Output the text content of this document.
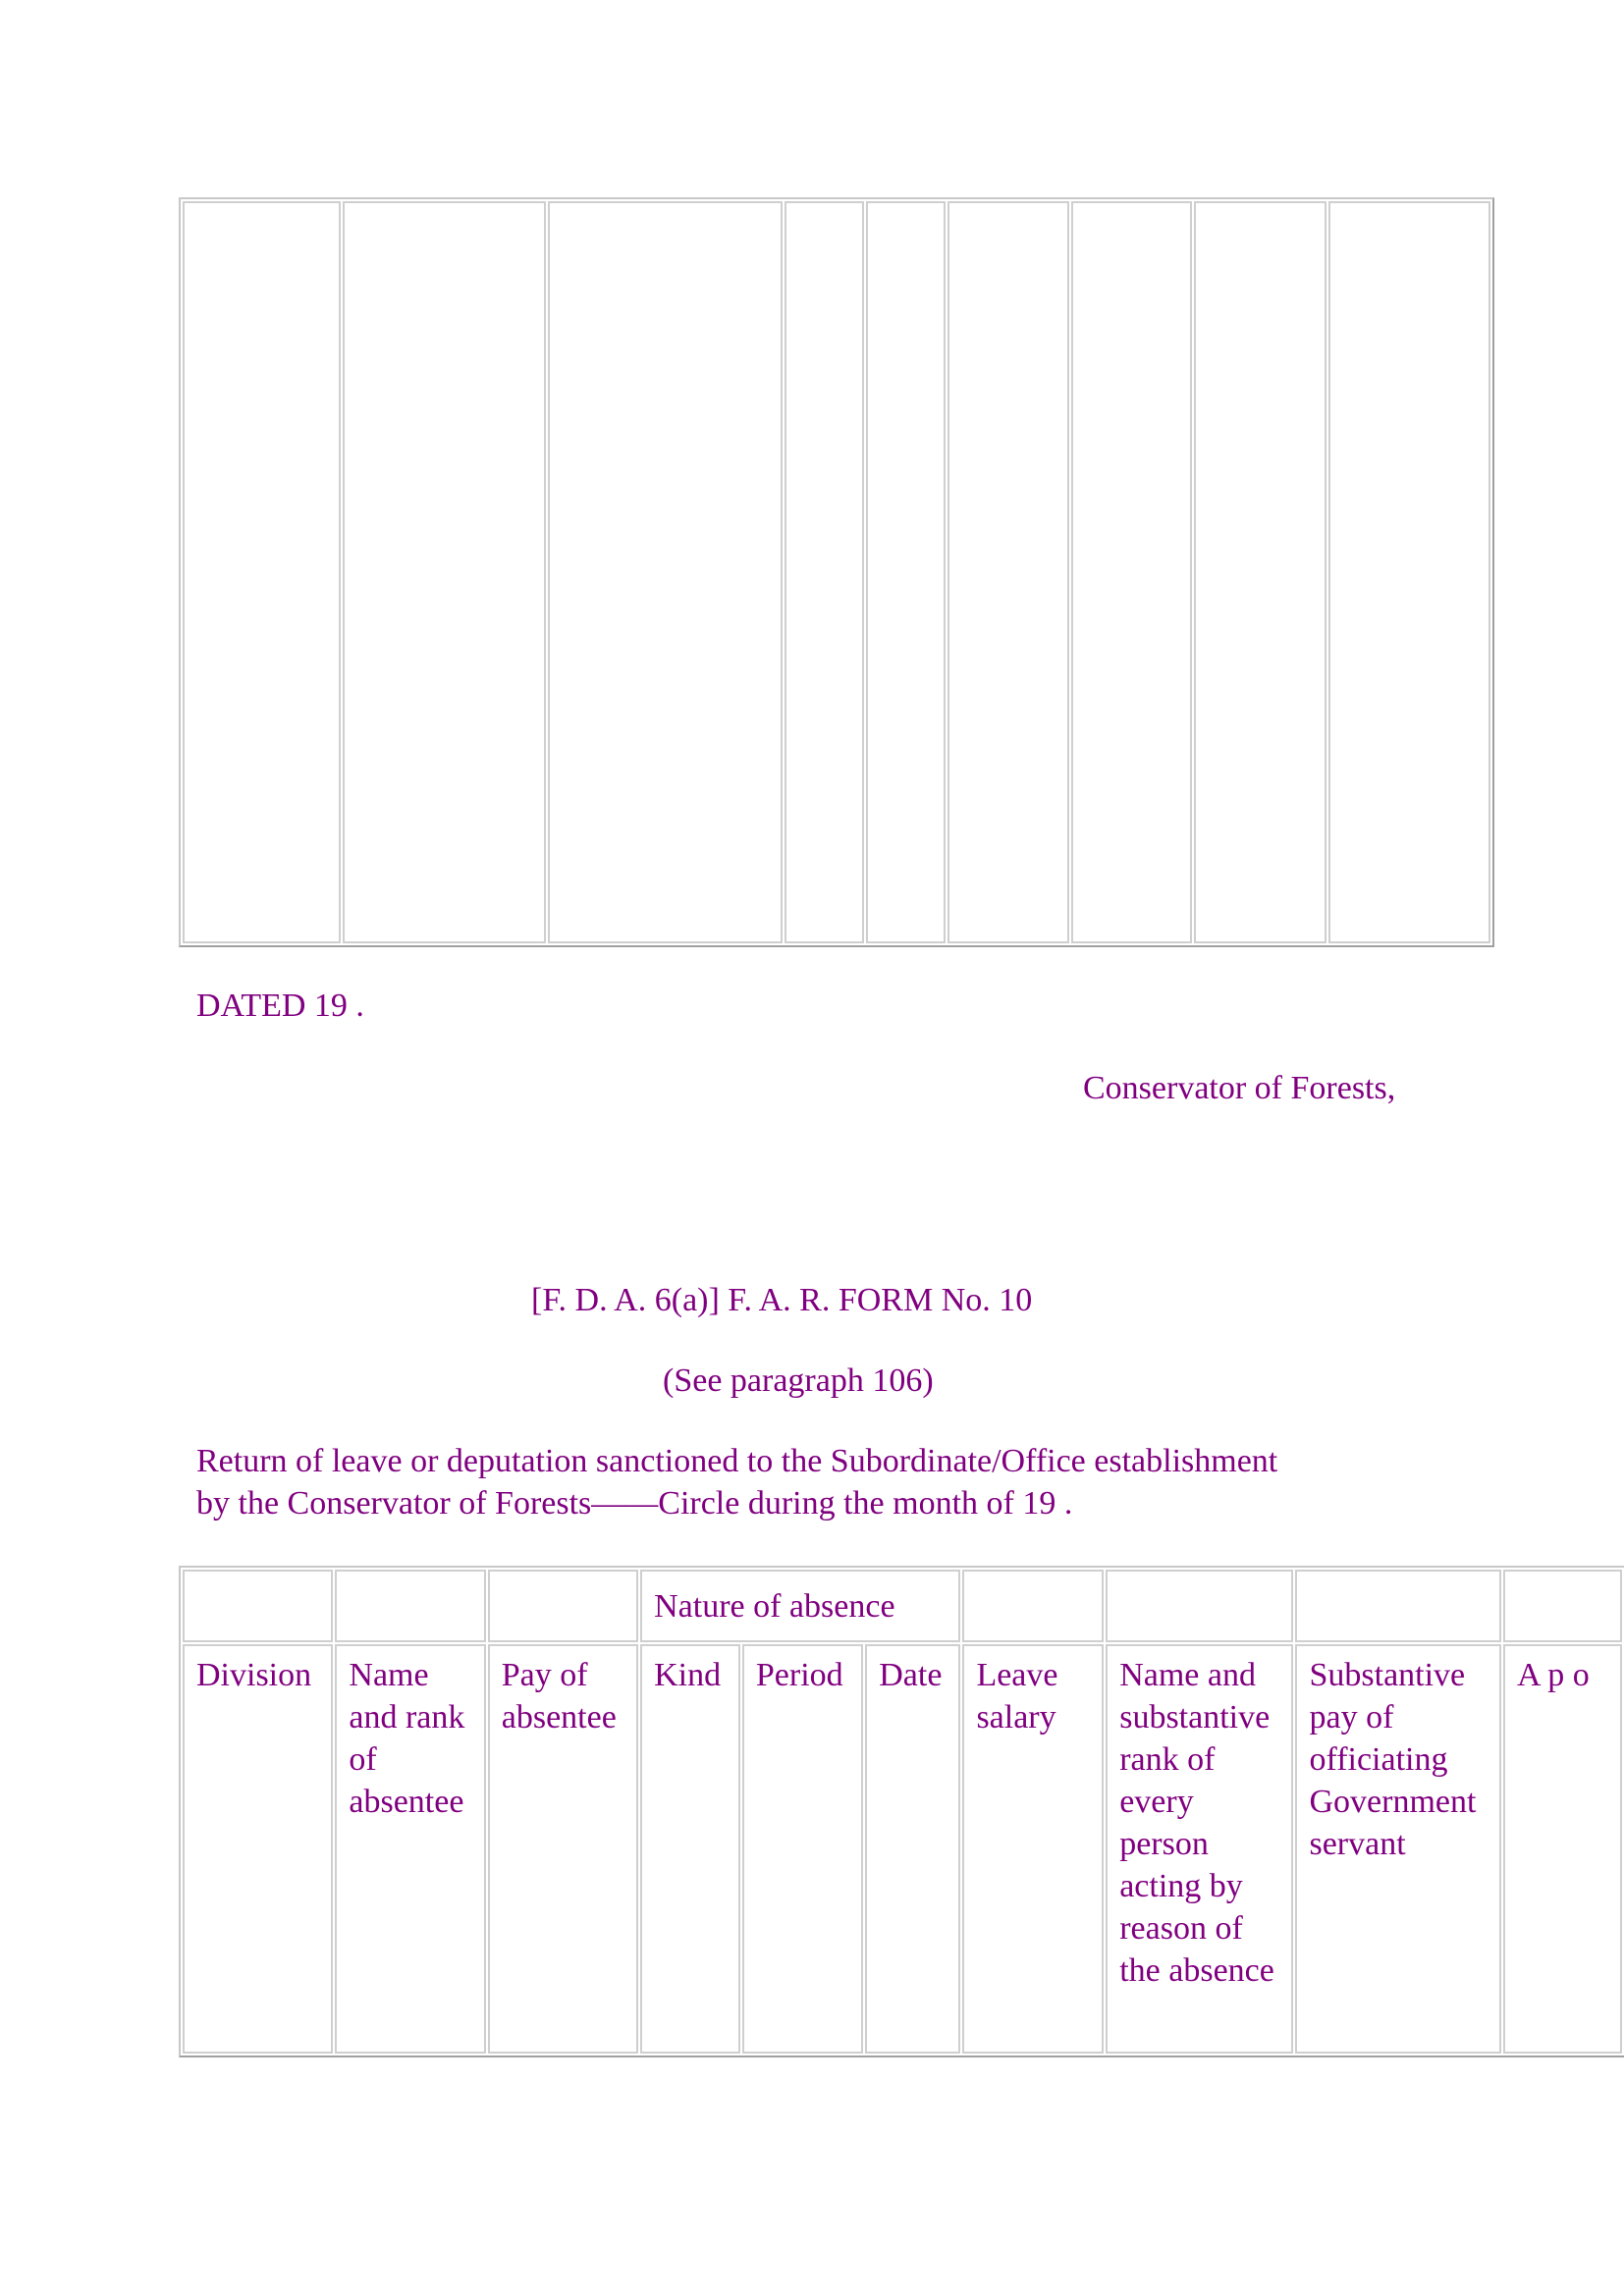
DATED 19 .

Conservator of Forests,

[F. D. A. 6(a)] F. A. R. FORM No. 10

(See paragraph 106)

Return of leave or deputation sanctioned to the Subordinate/Office establishment

by the Conservator of Forests——Circle during the month of 19 .

			Nature of absence						
Division	Name and rank of absentee	Pay of absentee	Kind	Period	Date	Leave salary	Name and substantive rank of every person acting by reason of the absence	Substantive pay of officiating Government servant	A p o
